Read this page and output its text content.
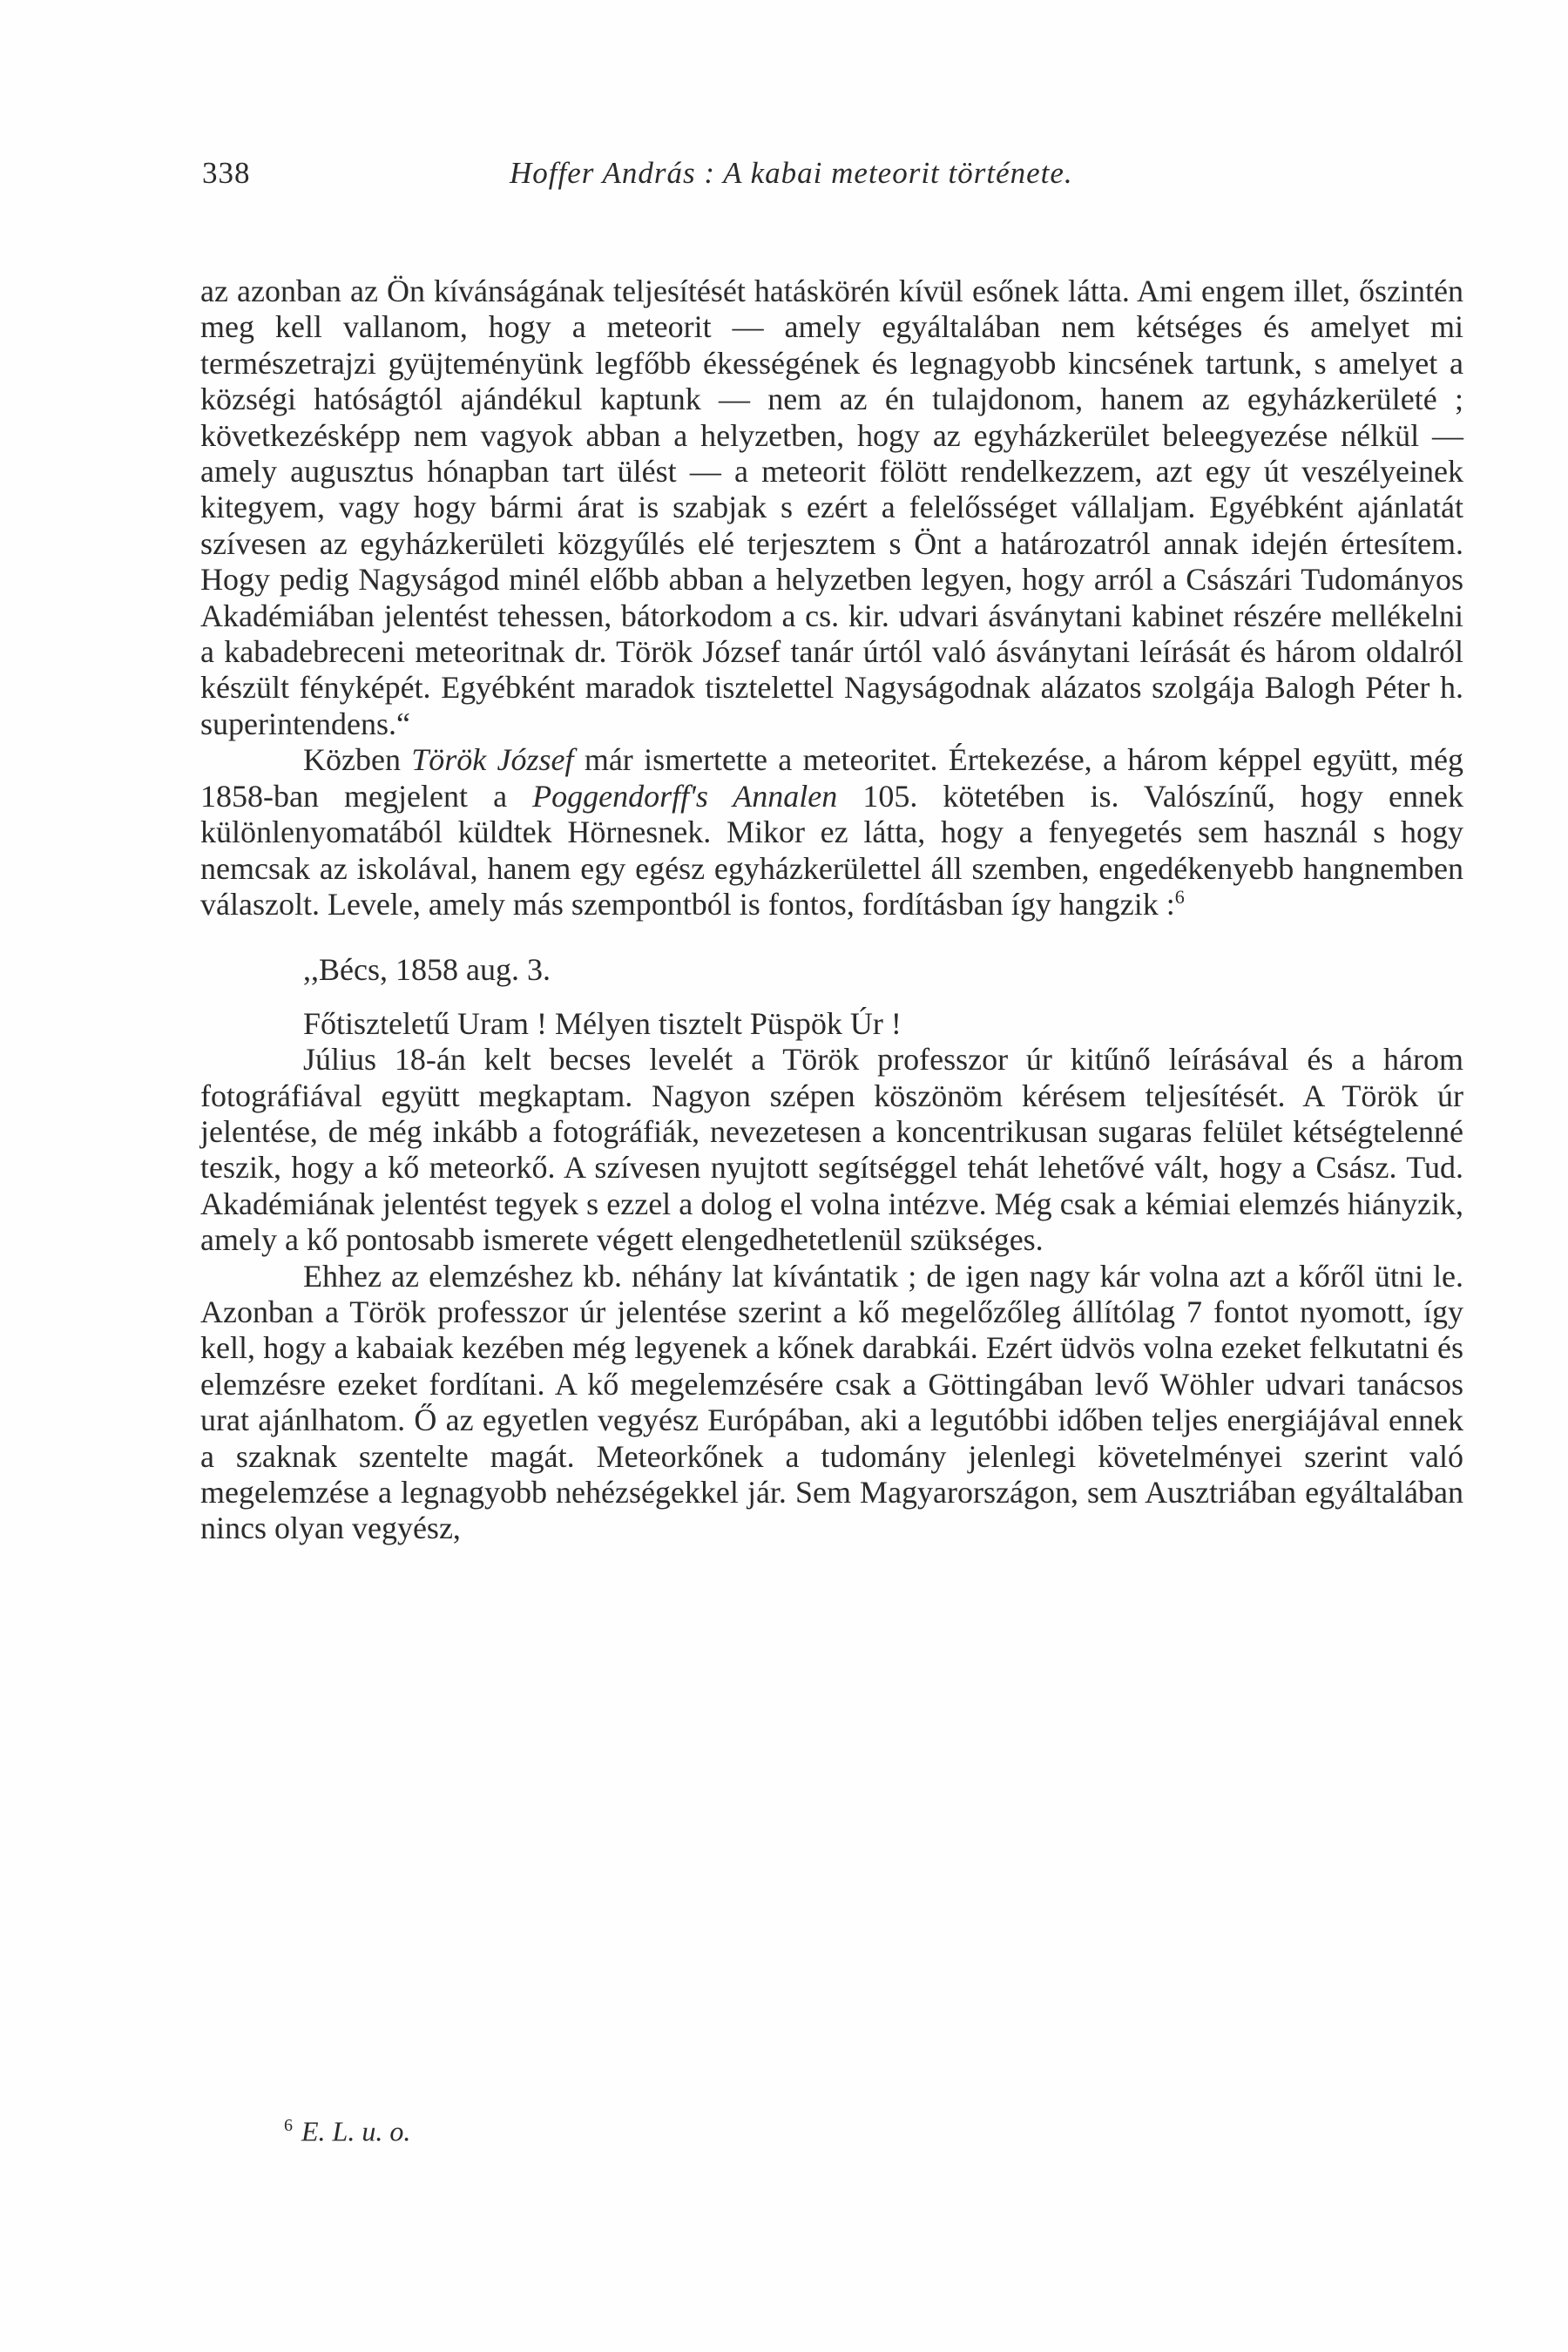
338	Hoffer András : A kabai meteorit története.

az azonban az Ön kívánságának teljesítését hatáskörén kívül esőnek látta. Ami engem illet, őszintén meg kell vallanom, hogy a meteorit — amely egyáltalában nem kétséges és amelyet mi természetrajzi gyüjteményünk legfőbb ékességének és legnagyobb kincsének tartunk, s amelyet a községi hatóságtól ajándékul kaptunk — nem az én tulajdonom, hanem az egyházkerületé ; következésképp nem vagyok abban a helyzetben, hogy az egyházkerület beleegyezése nélkül — amely augusztus hónapban tart ülést — a meteorit fölött rendelkezzem, azt egy út veszélyeinek kitegyem, vagy hogy bármi árat is szabjak s ezért a felelősséget vállaljam. Egyébként ajánlatát szívesen az egyházkerületi közgyűlés elé terjesztem s Önt a határozatról annak idején értesítem. Hogy pedig Nagyságod minél előbb abban a helyzetben legyen, hogy arról a Császári Tudományos Akadémiában jelentést tehessen, bátorkodom a cs. kir. udvari ásványtani kabinet részére mellékelni a kabadebreceni meteoritnak dr. Török József tanár úrtól való ásványtani leírását és három oldalról készült fényképét. Egyébként maradok tisztelettel Nagyságodnak alázatos szolgája Balogh Péter h. superintendens.“

Közben Török József már ismertette a meteoritet. Értekezése, a három képpel együtt, még 1858-ban megjelent a Poggendorff's Annalen 105. kötetében is. Valószínű, hogy ennek különlenyomatából küldtek Hörnesnek. Mikor ez látta, hogy a fenyegetés sem használ s hogy nemcsak az iskolával, hanem egy egész egyházkerülettel áll szemben, engedékenyebb hangnemben válaszolt. Levele, amely más szempontból is fontos, fordításban így hangzik :$^6$

,,Bécs, 1858 aug. 3.

Főtiszteletű Uram ! Mélyen tisztelt Püspök Úr !

Július 18-án kelt becses levelét a Török professzor úr kitűnő leírásával és a három fotográfiával együtt megkaptam. Nagyon szépen köszönöm kérésem teljesítését. A Török úr jelentése, de még inkább a fotográfiák, nevezetesen a koncentrikusan sugaras felület kétségtelenné teszik, hogy a kő meteorkő. A szívesen nyujtott segítséggel tehát lehetővé vált, hogy a Csász. Tud. Akadémiának jelentést tegyek s ezzel a dolog el volna intézve. Még csak a kémiai elemzés hiányzik, amely a kő pontosabb ismerete végett elengedhetetlenül szükséges.

Ehhez az elemzéshez kb. néhány lat kívántatik ; de igen nagy kár volna azt a kőről ütni le. Azonban a Török professzor úr jelentése szerint a kő megelőzőleg állítólag 7 fontot nyomott, így kell, hogy a kabaiak kezében még legyenek a kőnek darabkái. Ezért üdvös volna ezeket felkutatni és elemzésre ezeket fordítani. A kő megelemzésére csak a Göttingában levő Wöhler udvari tanácsos urat ajánlhatom. Ő az egyetlen vegyész Európában, aki a legutóbbi időben teljes energiájával ennek a szaknak szentelte magát. Meteorkőnek a tudomány jelenlegi követelményei szerint való megelemzése a legnagyobb nehézségekkel jár. Sem Magyarországon, sem Ausztriában egyáltalában nincs olyan vegyész,

$^6$ E. L. u. o.
